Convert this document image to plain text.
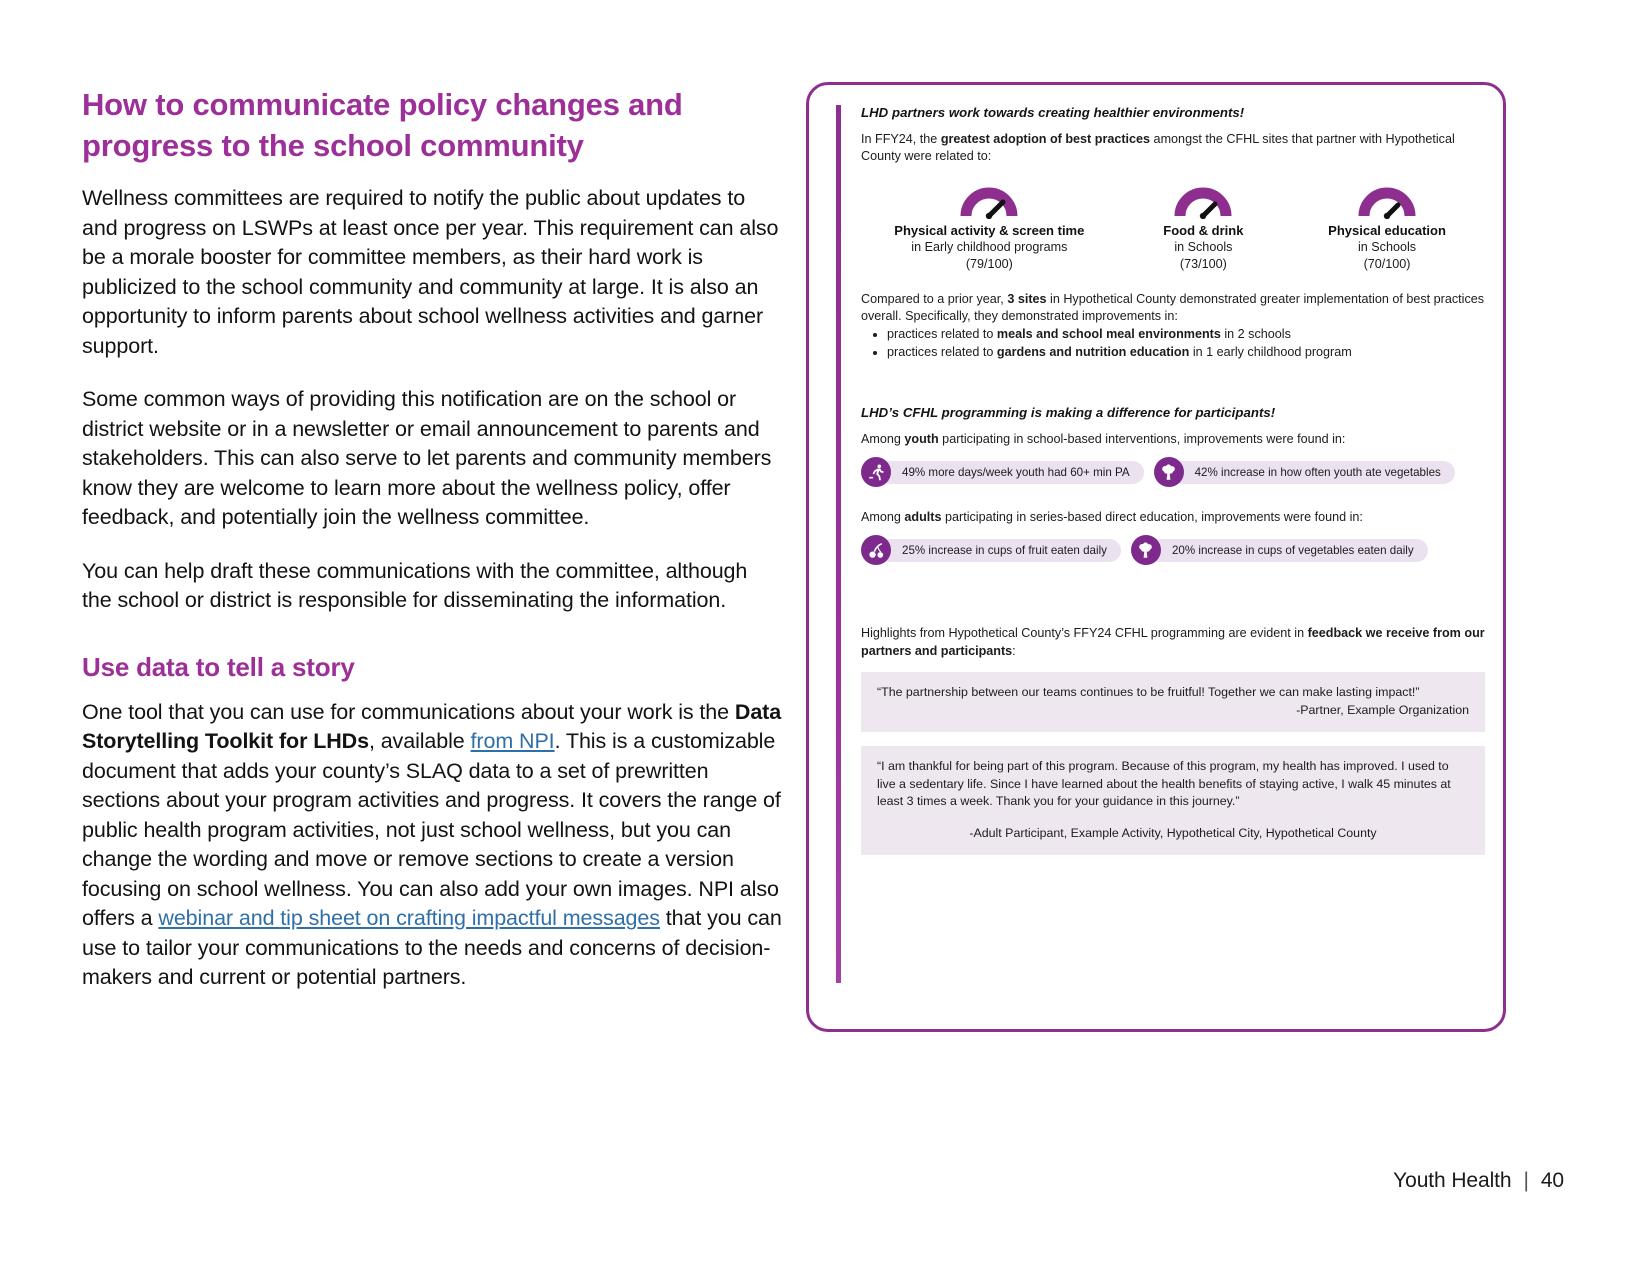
How to communicate policy changes and progress to the school community

Wellness committees are required to notify the public about updates to and progress on LSWPs at least once per year. This requirement can also be a morale booster for committee members, as their hard work is publicized to the school community and community at large. It is also an opportunity to inform parents about school wellness activities and garner support.

Some common ways of providing this notification are on the school or district website or in a newsletter or email announcement to parents and stakeholders. This can also serve to let parents and community members know they are welcome to learn more about the wellness policy, offer feedback, and potentially join the wellness committee.

You can help draft these communications with the committee, although the school or district is responsible for disseminating the information.

Use data to tell a story

One tool that you can use for communications about your work is the Data Storytelling Toolkit for LHDs, available from NPI. This is a customizable document that adds your county’s SLAQ data to a set of prewritten sections about your program activities and progress. It covers the range of public health program activities, not just school wellness, but you can change the wording and move or remove sections to create a version focusing on school wellness. You can also add your own images. NPI also offers a webinar and tip sheet on crafting impactful messages that you can use to tailor your communications to the needs and concerns of decision-makers and current or potential partners.

LHD partners work towards creating healthier environments!

In FFY24, the greatest adoption of best practices amongst the CFHL sites that partner with Hypothetical County were related to:

Physical activity & screen time
in Early childhood programs
(79/100)
Food & drink
in Schools
(73/100)
Physical education
in Schools
(70/100)

Compared to a prior year, 3 sites in Hypothetical County demonstrated greater implementation of best practices overall. Specifically, they demonstrated improvements in:

• practices related to meals and school meal environments in 2 schools
• practices related to gardens and nutrition education in 1 early childhood program

LHD’s CFHL programming is making a difference for participants!

Among youth participating in school-based interventions, improvements were found in:

49% more days/week youth had 60+ min PA	42% increase in how often youth ate vegetables

Among adults participating in series-based direct education, improvements were found in:

25% increase in cups of fruit eaten daily	20% increase in cups of vegetables eaten daily

Highlights from Hypothetical County’s FFY24 CFHL programming are evident in feedback we receive from our partners and participants:

“The partnership between our teams continues to be fruitful! Together we can make lasting impact!”
-Partner, Example Organization
“I am thankful for being part of this program. Because of this program, my health has improved. I used to live a sedentary life. Since I have learned about the health benefits of staying active, I walk 45 minutes at least 3 times a week. Thank you for your guidance in this journey.”
-Adult Participant, Example Activity, Hypothetical City, Hypothetical County
Youth Health | 40
